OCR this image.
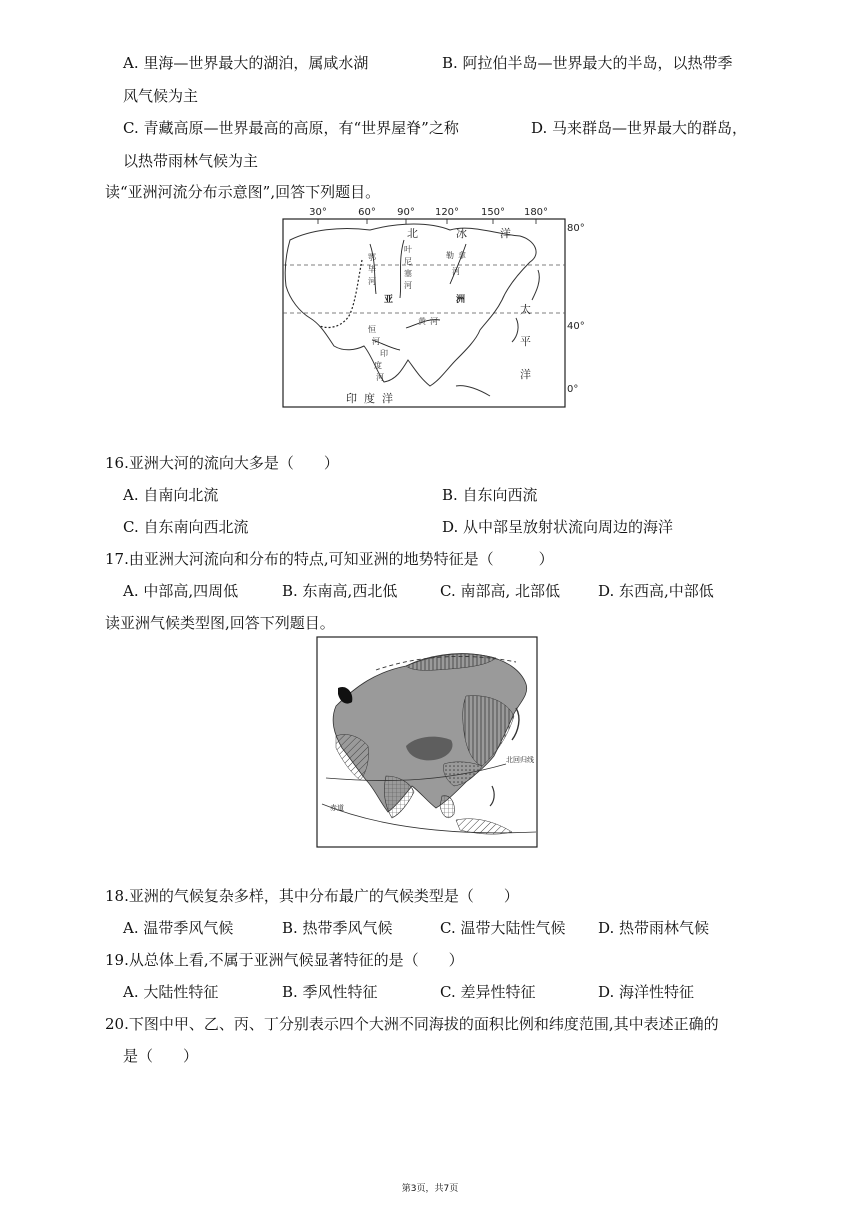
A. 里海—世界最大的湖泊，属咸水湖	B. 阿拉伯半岛—世界最大的半岛，以热带季
风气候为主
C. 青藏高原—世界最高的高原，有“世界屋脊”之称	D. 马来群岛—世界最大的群岛，
以热带雨林气候为主
读“亚洲河流分布示意图”,回答下列题目。
30°	60° 90° 120° 150° 180°
80°
40°
0°
北	冰	洋
太
平
洋
印 度 洋
亚	洲
鄂
毕
河
叶
尼
塞
河
勒 拿
河
黄 河
恒
河
印
度
河
16.亚洲大河的流向大多是（　　）
A. 自南向北流	B. 自东向西流
C. 自东南向西北流	D. 从中部呈放射状流向周边的海洋
17.由亚洲大河流向和分布的特点,可知亚洲的地势特征是（　　　）
A. 中部高,四周低	B. 东南高,西北低	C. 南部高, 北部低	D. 东西高,中部低
读亚洲气候类型图,回答下列题目。
北回归线
赤道
18.亚洲的气候复杂多样，其中分布最广的气候类型是（　　）
A. 温带季风气候	B. 热带季风气候	C. 温带大陆性气候 D. 热带雨林气候
19.从总体上看,不属于亚洲气候显著特征的是（　　）
A. 大陆性特征	B. 季风性特征	C. 差异性特征	D. 海洋性特征
20.下图中甲、乙、丙、丁分别表示四个大洲不同海拔的面积比例和纬度范围,其中表述正确的
是（　　）
第3页，共7页
